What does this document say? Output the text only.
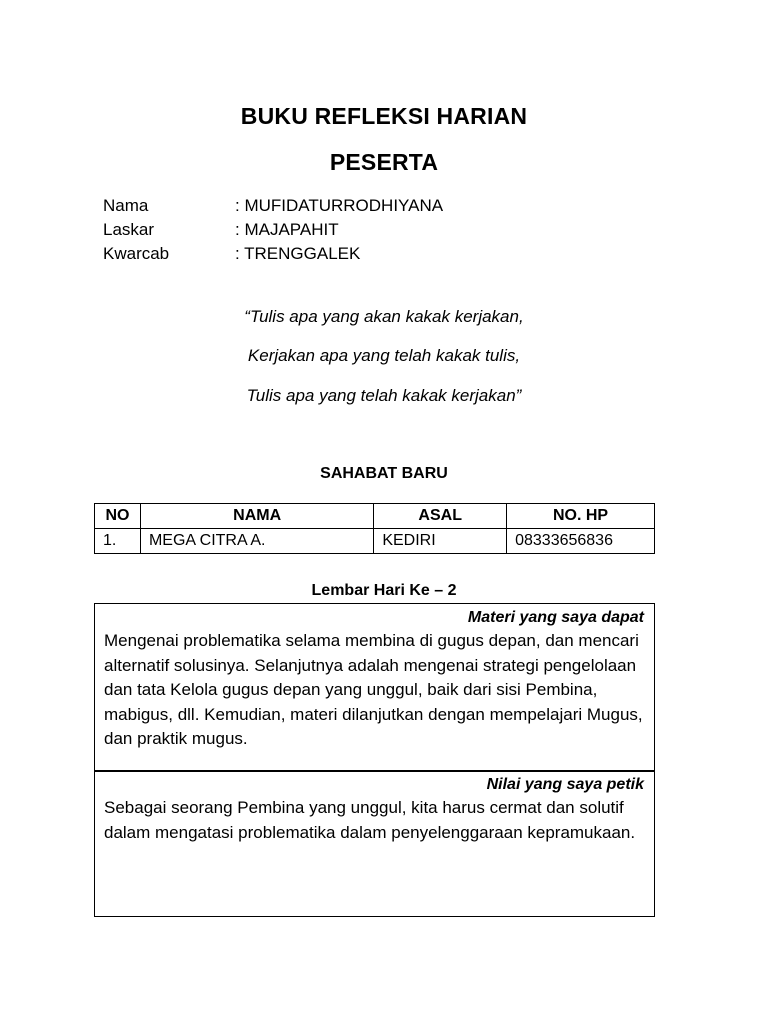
BUKU REFLEKSI HARIAN
PESERTA
Nama	: MUFIDATURRODHIYANA
Laskar	: MAJAPAHIT
Kwarcab	: TRENGGALEK
“Tulis apa yang akan kakak kerjakan,
Kerjakan apa yang telah kakak tulis,
Tulis apa yang telah kakak kerjakan”
SAHABAT BARU
NO	NAMA	ASAL	NO. HP
1.	MEGA CITRA A.	KEDIRI	08333656836
Lembar Hari Ke – 2
Materi yang saya dapat
Mengenai problematika selama membina di gugus depan, dan mencari alternatif solusinya. Selanjutnya adalah mengenai strategi pengelolaan dan tata Kelola gugus depan yang unggul, baik dari sisi Pembina, mabigus, dll. Kemudian, materi dilanjutkan dengan mempelajari Mugus, dan praktik mugus.
Nilai yang saya petik
Sebagai seorang Pembina yang unggul, kita harus cermat dan solutif dalam mengatasi problematika dalam penyelenggaraan kepramukaan.
